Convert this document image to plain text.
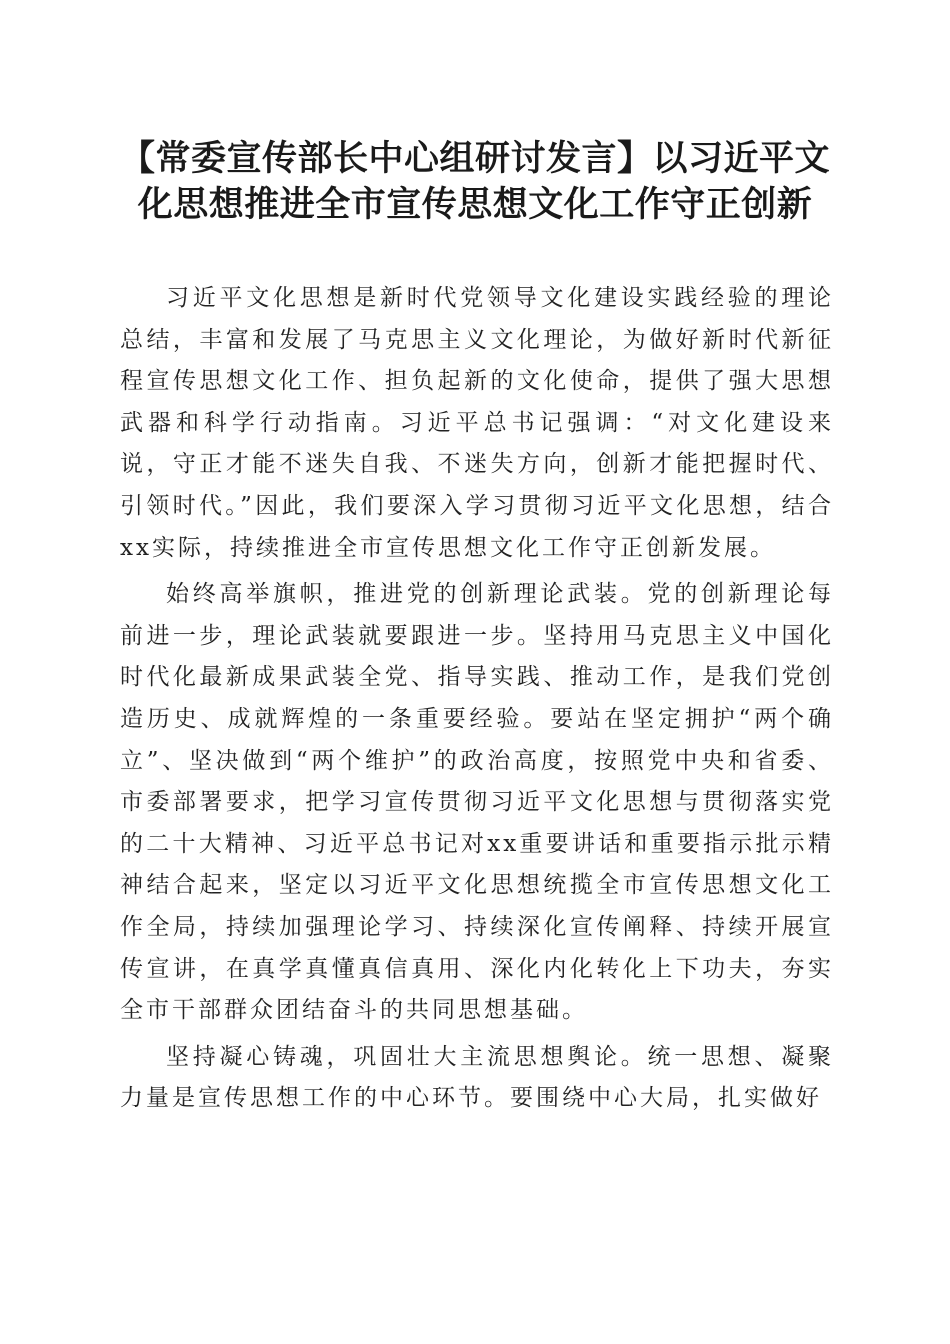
【常委宣传部长中心组研讨发言】以习近平文
化思想推进全市宣传思想文化工作守正创新

习近平文化思想是新时代党领导文化建设实践经验的理论总结，丰富和发展了马克思主义文化理论，为做好新时代新征程宣传思想文化工作、担负起新的文化使命，提供了强大思想武器和科学行动指南。习近平总书记强调：“对文化建设来说，守正才能不迷失自我、不迷失方向，创新才能把握时代、引领时代。”因此，我们要深入学习贯彻习近平文化思想，结合xx实际，持续推进全市宣传思想文化工作守正创新发展。

始终高举旗帜，推进党的创新理论武装。党的创新理论每前进一步，理论武装就要跟进一步。坚持用马克思主义中国化时代化最新成果武装全党、指导实践、推动工作，是我们党创造历史、成就辉煌的一条重要经验。要站在坚定拥护“两个确立”、坚决做到“两个维护”的政治高度，按照党中央和省委、市委部署要求，把学习宣传贯彻习近平文化思想与贯彻落实党的二十大精神、习近平总书记对xx重要讲话和重要指示批示精神结合起来，坚定以习近平文化思想统揽全市宣传思想文化工作全局，持续加强理论学习、持续深化宣传阐释、持续开展宣传宣讲，在真学真懂真信真用、深化内化转化上下功夫，夯实全市干部群众团结奋斗的共同思想基础。

坚持凝心铸魂，巩固壮大主流思想舆论。统一思想、凝聚力量是宣传思想工作的中心环节。要围绕中心大局，扎实做好
